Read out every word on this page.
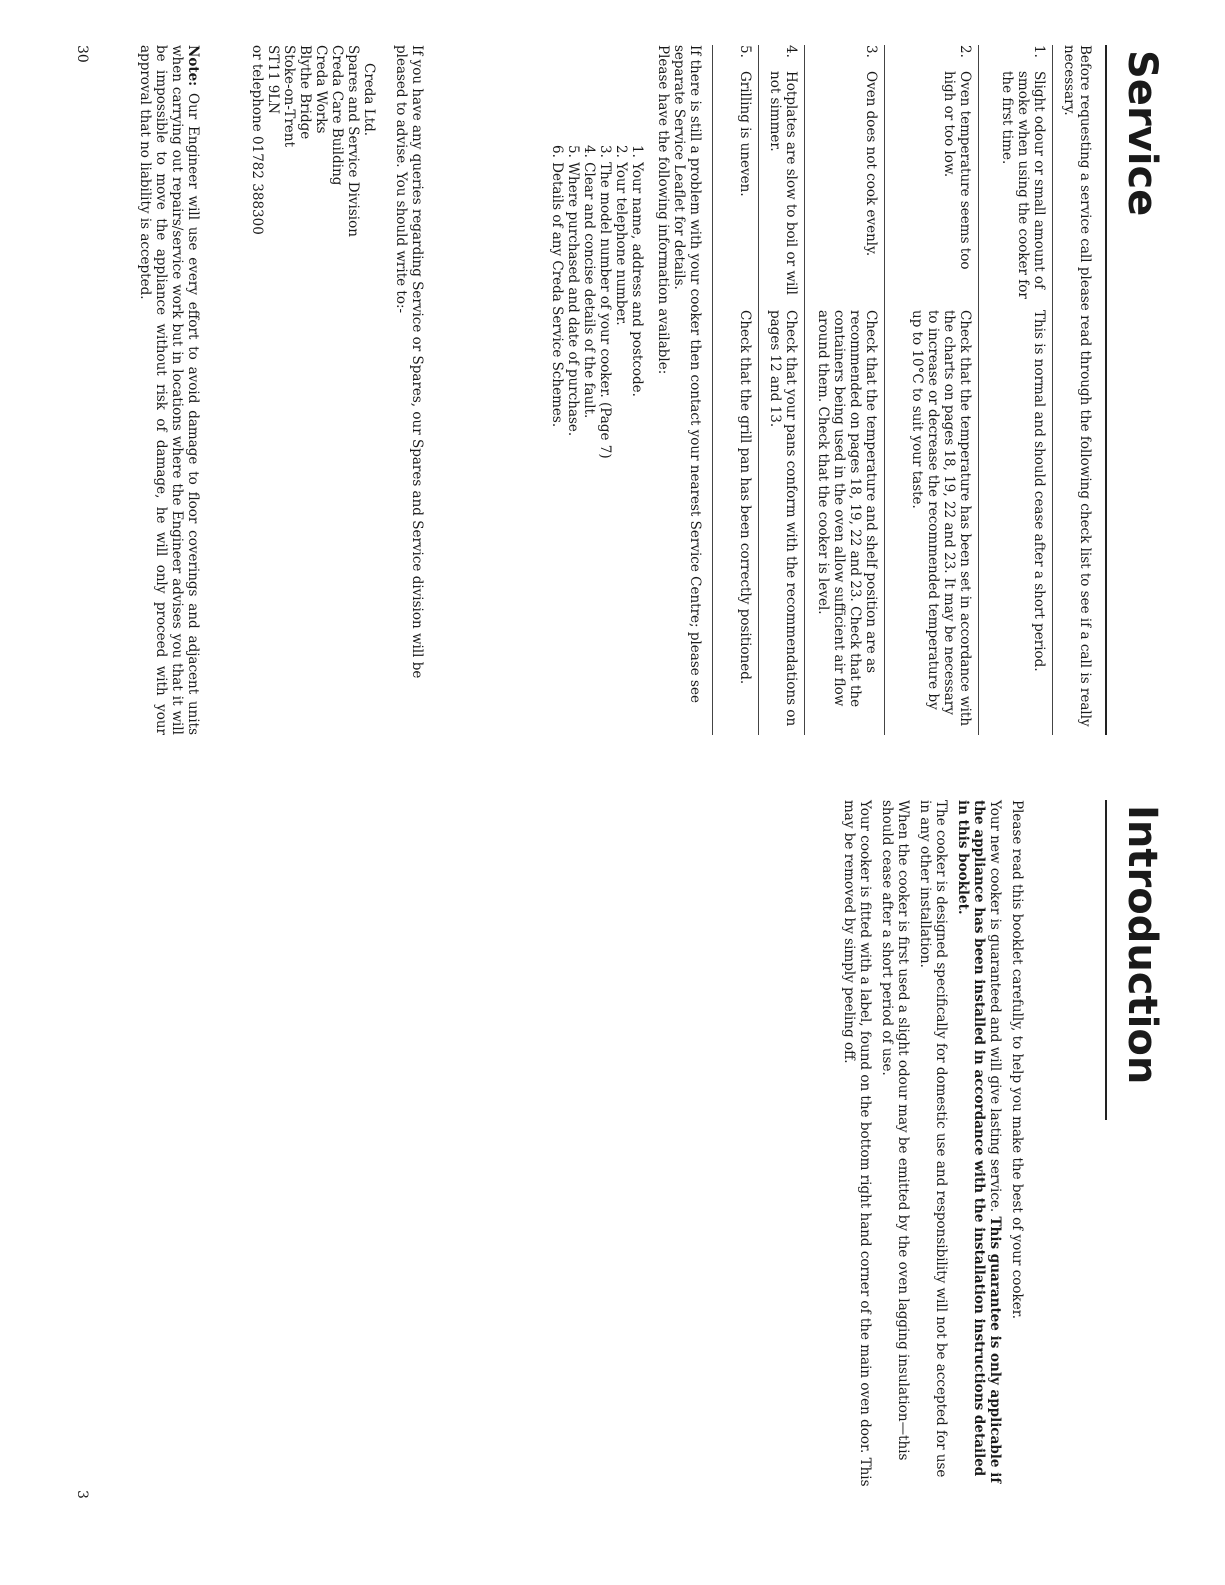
Service
Before requesting a service call please read through the following check list to see if a call is really necessary.
1.
Slight odour or small amount of smoke when using the cooker for the first time.
This is normal and should cease after a short period.
2.
Oven temperature seems too high or too low.
Check that the temperature has been set in accordance with the charts on pages 18, 19, 22 and 23. It may be necessary to increase or decrease the recommended temperature by up to 10°C to suit your taste.
3.
Oven does not cook evenly.
Check that the temperature and shelf position are as recommended on pages 18, 19, 22 and 23. Check that the containers being used in the oven allow sufficient air flow around them. Check that the cooker is level.
4.
Hotplates are slow to boil or will not simmer.
Check that your pans conform with the recommendations on pages 12 and 13.
5.
Grilling is uneven.
Check that the grill pan has been correctly positioned.
If there is still a problem with your cooker then contact your nearest Service Centre; please see separate Service Leaflet for details.
Please have the following information available:
1. Your name, address and postcode.
2. Your telephone number.
3. The model number of your cooker. (Page 7)
4. Clear and concise details of the fault.
5. Where purchased and date of purchase.
6. Details of any Creda Service Schemes.
If you have any queries regarding Service or Spares, our Spares and Service division will be pleased to advise. You should write to:-
Creda Ltd.
Spares and Service Division
Creda Care Building
Creda Works
Blythe Bridge
Stoke-on-Trent
ST11 9LN
or telephone 01782 388300
Note: Our Engineer will use every effort to avoid damage to floor coverings and adjacent units when carrying out repairs/service work but in locations where the Engineer advises you that it will be impossible to move the appliance without risk of damage, he will only proceed with your approval that no liability is accepted.
30
Introduction

Please read this booklet carefully, to help you make the best of your cooker.

Your new cooker is guaranteed and will give lasting service. This guarantee is only applicable if the appliance has been installed in accordance with the installation instructions detailed in this booklet.

The cooker is designed specifically for domestic use and responsibility will not be accepted for use in any other installation.

When the cooker is first used a slight odour may be emitted by the oven lagging insulation—this should cease after a short period of use.

Your cooker is fitted with a label, found on the bottom right hand corner of the main oven door. This may be removed by simply peeling off.

3
